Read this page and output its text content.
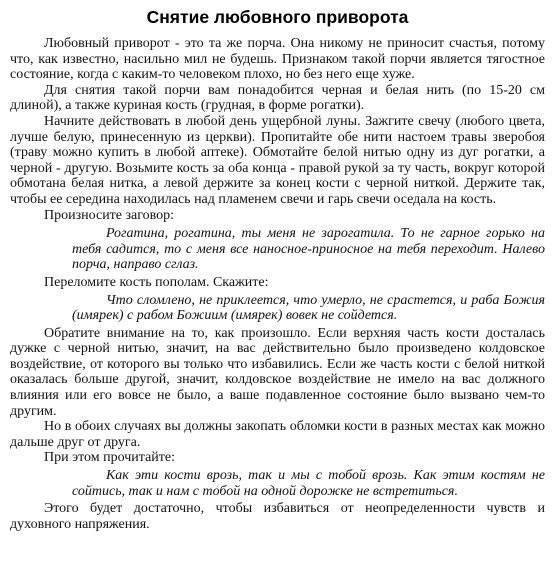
Снятие любовного приворота

Любовный приворот - это та же порча. Она никому не приносит счастья, потому что, как известно, насильно мил не будешь. Признаком такой порчи является тягостное состояние, когда с каким-то человеком плохо, но без него еще хуже.

Для снятия такой порчи вам понадобится черная и белая нить (по 15-20 см длиной), а также куриная кость (грудная, в форме рогатки).

Начните действовать в любой день ущербной луны. Зажгите свечу (любого цвета, лучше белую, принесенную из церкви). Пропитайте обе нити настоем травы зверобоя (траву можно купить в любой аптеке). Обмотайте белой нитью одну из дуг рогатки, а черной - другую. Возьмите кость за оба конца - правой рукой за ту часть, вокруг которой обмотана белая нитка, а левой держите за конец кости с черной ниткой. Держите так, чтобы ее середина находилась над пламенем свечи и гарь свечи оседала на кость.

Произносите заговор:

Рогатина, рогатина, ты меня не зарогатила. То не гарное горько на тебя садится, то с меня все наносное-приносное на тебя переходит. Налево порча, направо сглаз.

Переломите кость пополам. Скажите:

Что сломлено, не приклеется, что умерло, не срастется, и раба Божия (имярек) с рабом Божиим (имярек) вовек не сойдется.

Обратите внимание на то, как произошло. Если верхняя часть кости досталась дужке с черной нитью, значит, на вас действительно было произведено колдовское воздействие, от которого вы только что избавились. Если же часть кости с белой ниткой оказалась больше другой, значит, колдовское воздействие не имело на вас должного влияния или его вовсе не было, а ваше подавленное состояние было вызвано чем-то другим.

Но в обоих случаях вы должны закопать обломки кости в разных местах как можно дальше друг от друга.

При этом прочитайте:

Как эти кости врозь, так и мы с тобой врозь. Как этим костям не сойтись, так и нам с тобой на одной дорожке не встретиться.

Этого будет достаточно, чтобы избавиться от неопределенности чувств и духовного напряжения.
